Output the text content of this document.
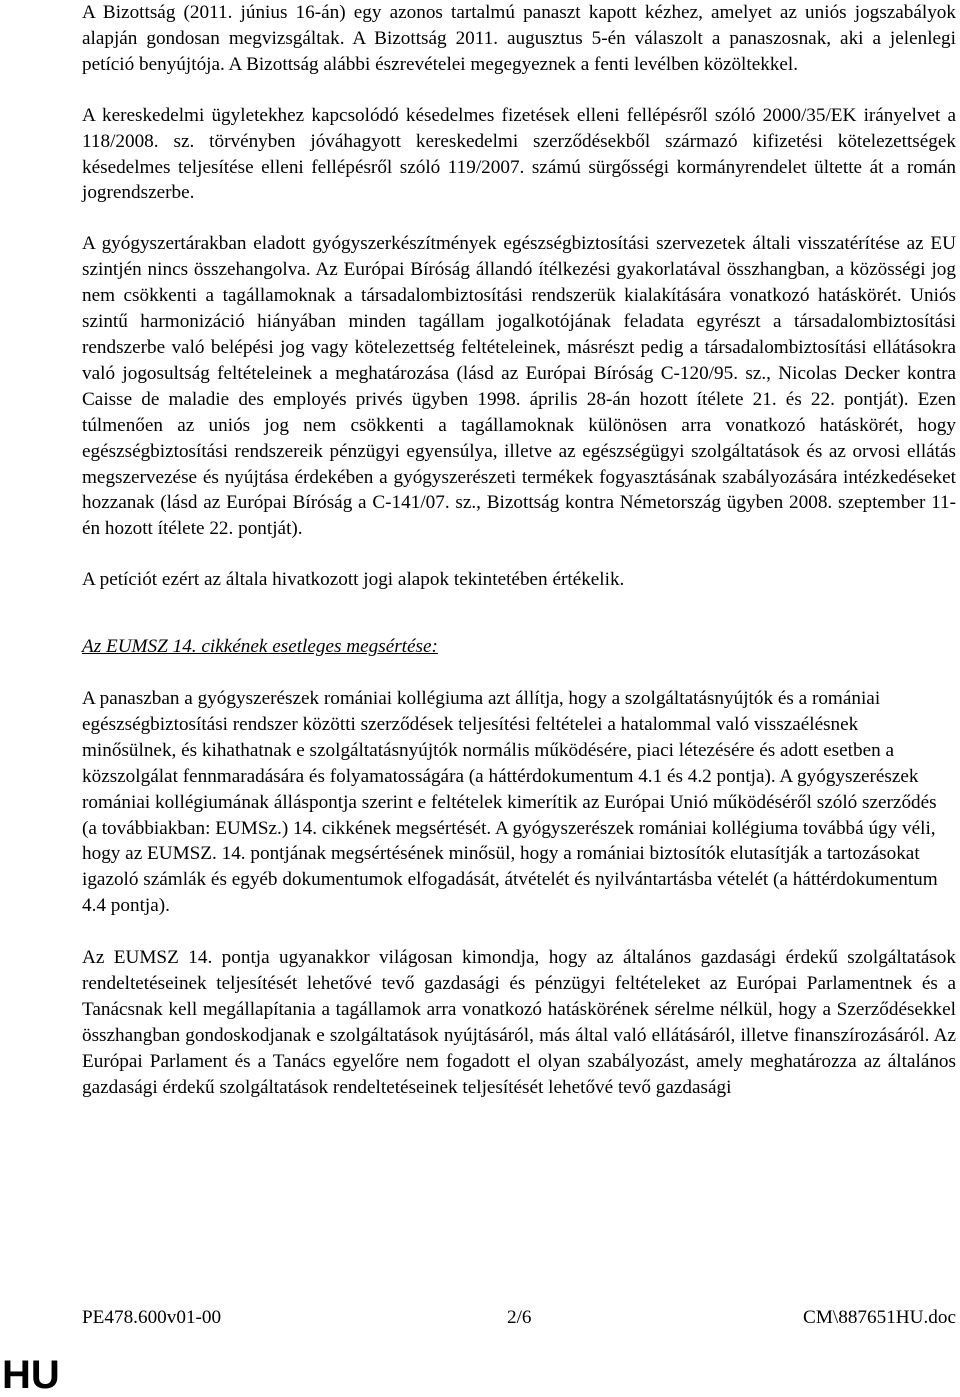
A Bizottság (2011. június 16-án) egy azonos tartalmú panaszt kapott kézhez, amelyet az uniós jogszabályok alapján gondosan megvizsgáltak. A Bizottság 2011. augusztus 5-én válaszolt a panaszosnak, aki a jelenlegi petíció benyújtója. A Bizottság alábbi észrevételei megegyeznek a fenti levélben közöltekkel.

A kereskedelmi ügyletekhez kapcsolódó késedelmes fizetések elleni fellépésről szóló 2000/35/EK irányelvet a 118/2008. sz. törvényben jóváhagyott kereskedelmi szerződésekből származó kifizetési kötelezettségek késedelmes teljesítése elleni fellépésről szóló 119/2007. számú sürgősségi kormányrendelet ültette át a román jogrendszerbe.

A gyógyszertárakban eladott gyógyszerkészítmények egészségbiztosítási szervezetek általi visszatérítése az EU szintjén nincs összehangolva. Az Európai Bíróság állandó ítélkezési gyakorlatával összhangban, a közösségi jog nem csökkenti a tagállamoknak a társadalombiztosítási rendszerük kialakítására vonatkozó hatáskörét. Uniós szintű harmonizáció hiányában minden tagállam jogalkotójának feladata egyrészt a társadalombiztosítási rendszerbe való belépési jog vagy kötelezettség feltételeinek, másrészt pedig a társadalombiztosítási ellátásokra való jogosultság feltételeinek a meghatározása (lásd az Európai Bíróság C-120/95. sz., Nicolas Decker kontra Caisse de maladie des employés privés ügyben 1998. április 28-án hozott ítélete 21. és 22. pontját). Ezen túlmenően az uniós jog nem csökkenti a tagállamoknak különösen arra vonatkozó hatáskörét, hogy egészségbiztosítási rendszereik pénzügyi egyensúlya, illetve az egészségügyi szolgáltatások és az orvosi ellátás megszervezése és nyújtása érdekében a gyógyszerészeti termékek fogyasztásának szabályozására intézkedéseket hozzanak (lásd az Európai Bíróság a C-141/07. sz., Bizottság kontra Németország ügyben 2008. szeptember 11-én hozott ítélete 22. pontját).

A petíciót ezért az általa hivatkozott jogi alapok tekintetében értékelik.

Az EUMSZ 14. cikkének esetleges megsértése:

A panaszban a gyógyszerészek romániai kollégiuma azt állítja, hogy a szolgáltatásnyújtók és a romániai egészségbiztosítási rendszer közötti szerződések teljesítési feltételei a hatalommal való visszaélésnek minősülnek, és kihathatnak e szolgáltatásnyújtók normális működésére, piaci létezésére és adott esetben a közszolgálat fennmaradására és folyamatosságára (a háttérdokumentum 4.1 és 4.2 pontja). A gyógyszerészek romániai kollégiumának álláspontja szerint e feltételek kimerítik az Európai Unió működéséről szóló szerződés (a továbbiakban: EUMSz.) 14. cikkének megsértését. A gyógyszerészek romániai kollégiuma továbbá úgy véli, hogy az EUMSZ. 14. pontjának megsértésének minősül, hogy a romániai biztosítók elutasítják a tartozásokat igazoló számlák és egyéb dokumentumok elfogadását, átvételét és nyilvántartásba vételét (a háttérdokumentum 4.4 pontja).

Az EUMSZ 14. pontja ugyanakkor világosan kimondja, hogy az általános gazdasági érdekű szolgáltatások rendeltetéseinek teljesítését lehetővé tevő gazdasági és pénzügyi feltételeket az Európai Parlamentnek és a Tanácsnak kell megállapítania a tagállamok arra vonatkozó hatáskörének sérelme nélkül, hogy a Szerződésekkel összhangban gondoskodjanak e szolgáltatások nyújtásáról, más által való ellátásáról, illetve finanszírozásáról. Az Európai Parlament és a Tanács egyelőre nem fogadott el olyan szabályozást, amely meghatározza az általános gazdasági érdekű szolgáltatások rendeltetéseinek teljesítését lehetővé tevő gazdasági

PE478.600v01-00	2/6	CM\887651HU.doc
HU
